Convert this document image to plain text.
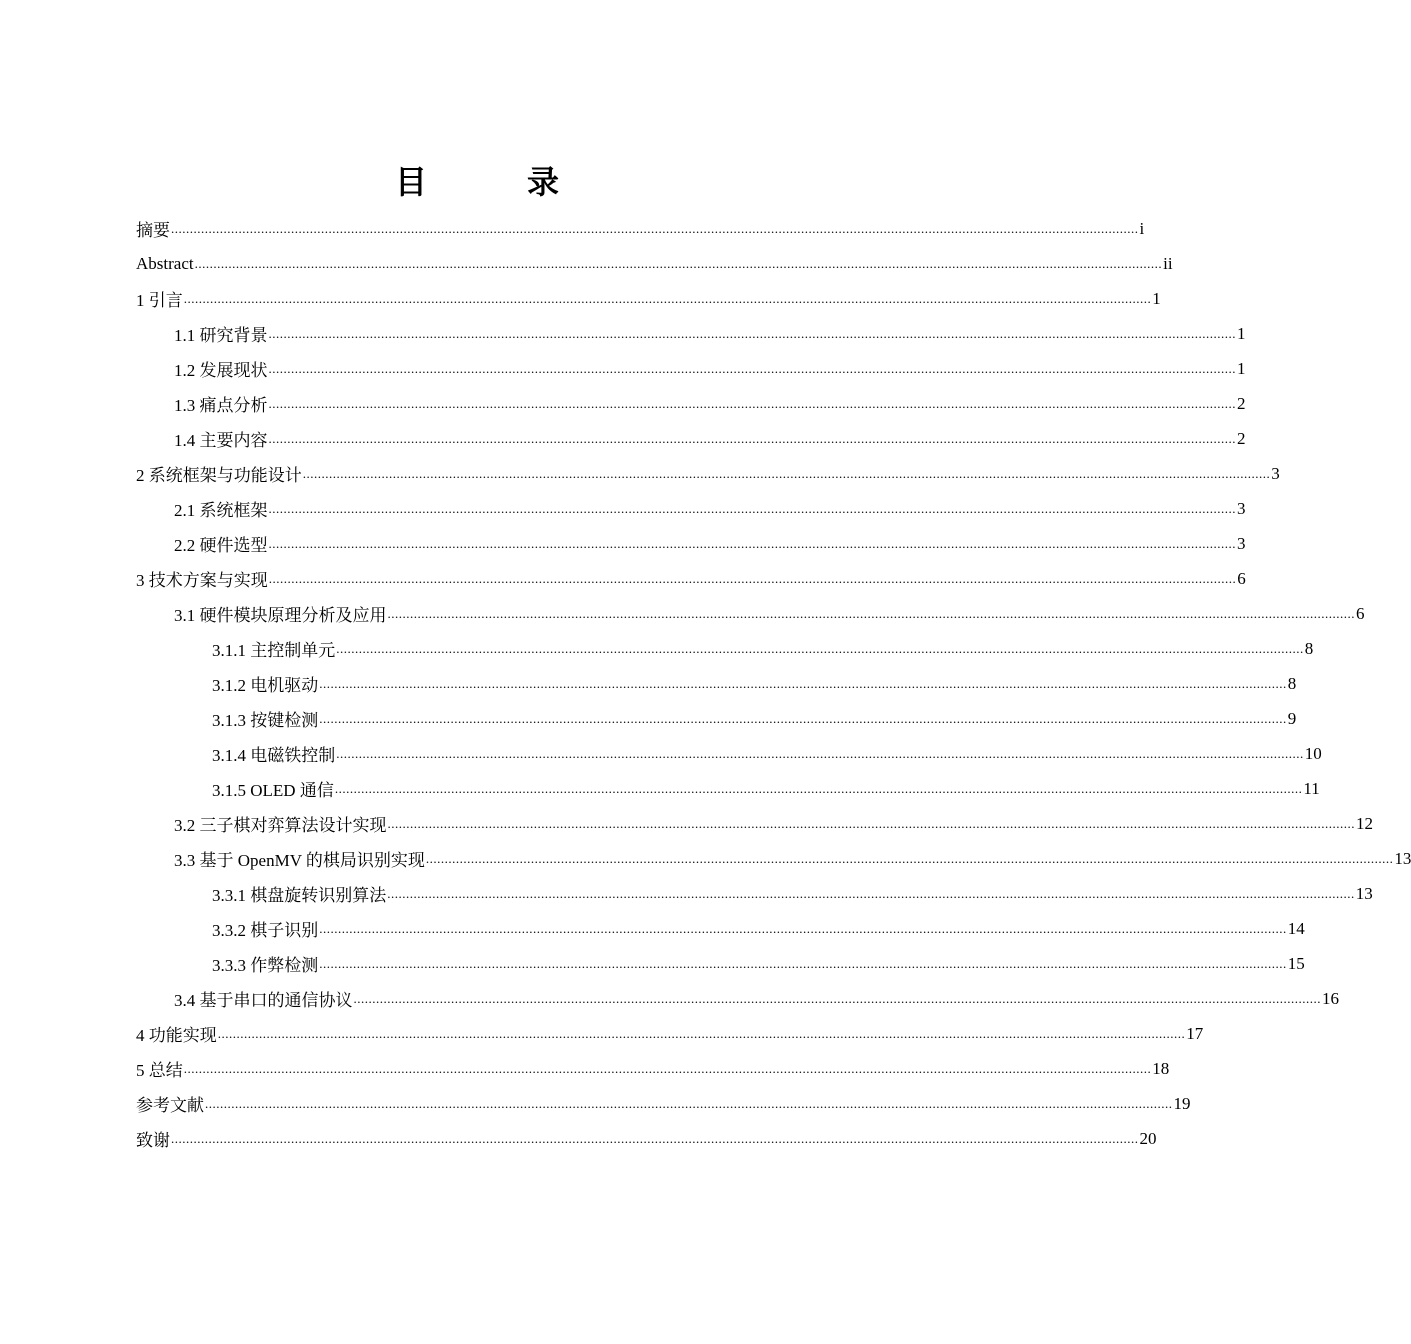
目　录
摘要 .................................................................................................................................................................................................................................................................. i
Abstract .................................................................................................................................................................................................................................................................. ii
1 引言 .................................................................................................................................................................................................................................................................. 1
1.1 研究背景 .................................................................................................................................................................................................................................................................. 1
1.2 发展现状 .................................................................................................................................................................................................................................................................. 1
1.3 痛点分析 .................................................................................................................................................................................................................................................................. 2
1.4 主要内容 .................................................................................................................................................................................................................................................................. 2
2 系统框架与功能设计 .................................................................................................................................................................................................................................................................. 3
2.1 系统框架 .................................................................................................................................................................................................................................................................. 3
2.2 硬件选型 .................................................................................................................................................................................................................................................................. 3
3 技术方案与实现 .................................................................................................................................................................................................................................................................. 6
3.1 硬件模块原理分析及应用 .................................................................................................................................................................................................................................................................. 6
3.1.1 主控制单元 .................................................................................................................................................................................................................................................................. 8
3.1.2 电机驱动 .................................................................................................................................................................................................................................................................. 8
3.1.3 按键检测 .................................................................................................................................................................................................................................................................. 9
3.1.4 电磁铁控制 .................................................................................................................................................................................................................................................................. 10
3.1.5 OLED 通信 .................................................................................................................................................................................................................................................................. 11
3.2 三子棋对弈算法设计实现 .................................................................................................................................................................................................................................................................. 12
3.3 基于 OpenMV 的棋局识别实现 .................................................................................................................................................................................................................................................................. 13
3.3.1 棋盘旋转识别算法 .................................................................................................................................................................................................................................................................. 13
3.3.2 棋子识别 .................................................................................................................................................................................................................................................................. 14
3.3.3 作弊检测 .................................................................................................................................................................................................................................................................. 15
3.4 基于串口的通信协议 .................................................................................................................................................................................................................................................................. 16
4 功能实现 .................................................................................................................................................................................................................................................................. 17
5 总结 .................................................................................................................................................................................................................................................................. 18
参考文献 .................................................................................................................................................................................................................................................................. 19
致谢 .................................................................................................................................................................................................................................................................. 20
